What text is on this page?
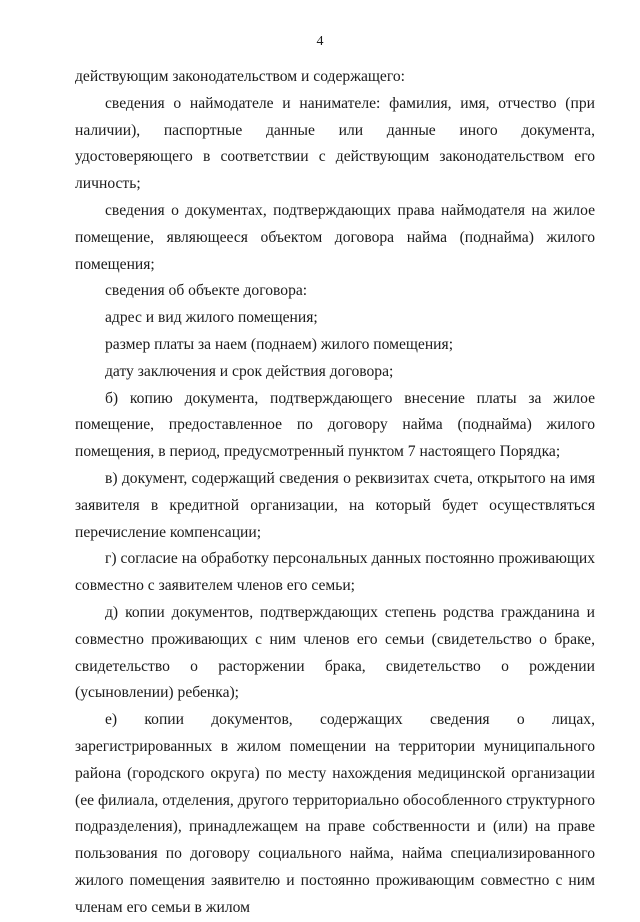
4

действующим законодательством и содержащего:

сведения о наймодателе и нанимателе: фамилия, имя, отчество (при наличии), паспортные данные или данные иного документа, удостоверяющего в соответствии с действующим законодательством его личность;

сведения о документах, подтверждающих права наймодателя на жилое помещение, являющееся объектом договора найма (поднайма) жилого помещения;

сведения об объекте договора:

адрес и вид жилого помещения;

размер платы за наем (поднаем) жилого помещения;

дату заключения и срок действия договора;

б) копию документа, подтверждающего внесение платы за жилое помещение, предоставленное по договору найма (поднайма) жилого помещения, в период, предусмотренный пунктом 7 настоящего Порядка;

в) документ, содержащий сведения о реквизитах счета, открытого на имя заявителя в кредитной организации, на который будет осуществляться перечисление компенсации;

г) согласие на обработку персональных данных постоянно проживающих совместно с заявителем членов его семьи;

д) копии документов, подтверждающих степень родства гражданина и совместно проживающих с ним членов его семьи (свидетельство о браке, свидетельство о расторжении брака, свидетельство о рождении (усыновлении) ребенка);

е) копии документов, содержащих сведения о лицах, зарегистрированных в жилом помещении на территории муниципального района (городского округа) по месту нахождения медицинской организации (ее филиала, отделения, другого территориально обособленного структурного подразделения), принадлежащем на праве собственности и (или) на праве пользования по договору социального найма, найма специализированного жилого помещения заявителю и постоянно проживающим совместно с ним членам его семьи в жилом
